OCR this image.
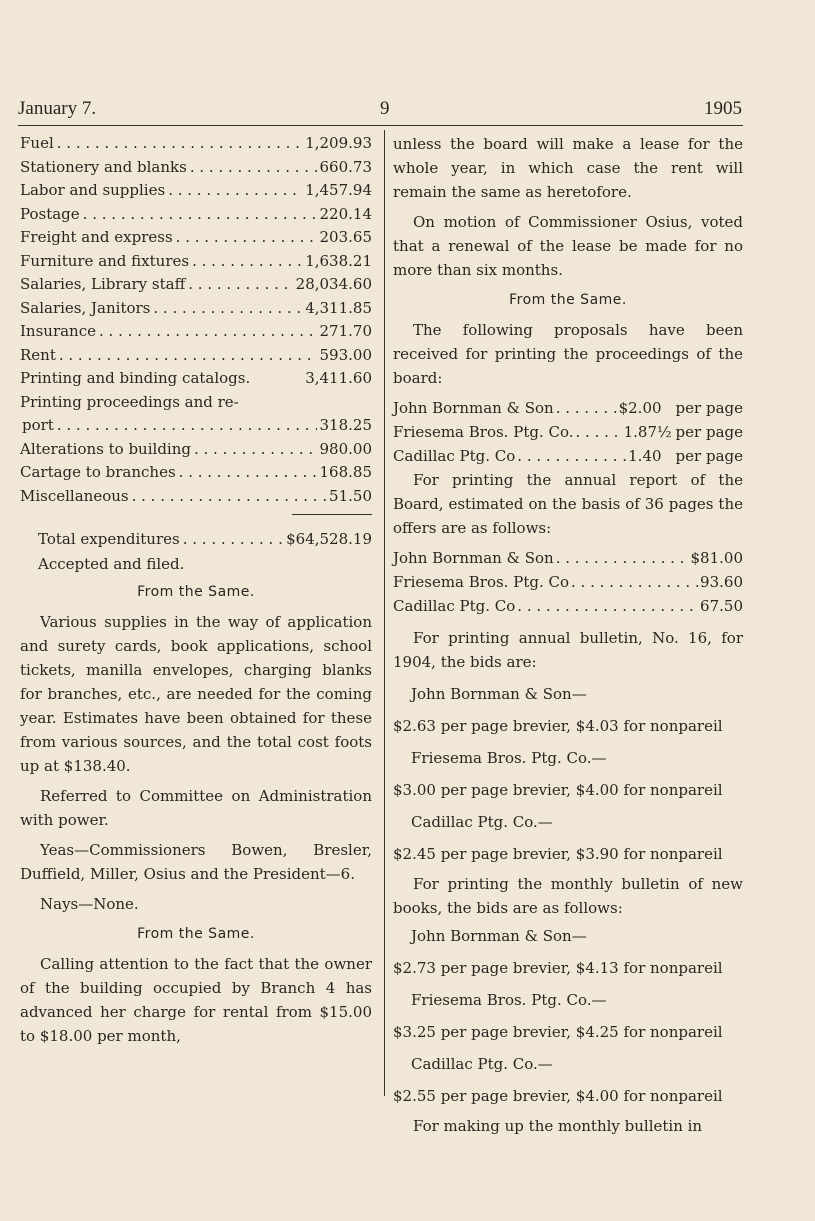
January 7.	9	1905
Fuel . . .	1,209.93
Stationery and blanks . . .	660.73
Labor and supplies . . .	1,457.94
Postage . . .	220.14
Freight and express . . .	203.65
Furniture and fixtures . . .	1,638.21
Salaries, Library staff . . .	28,034.60
Salaries, Janitors . . .	4,311.85
Insurance . . .	271.70
Rent . . .	593.00
Printing and binding catalogs.	3,411.60
Printing proceedings and re-
port . . .	318.25
Alterations to building . . .	980.00
Cartage to branches . . .	168.85
Miscellaneous . . .	51.50
Total expenditures . . .	$64,528.19

Accepted and filed.

From the Same.

Various supplies in the way of application and surety cards, book applications, school tickets, manilla envelopes, charging blanks for branches, etc., are needed for the coming year. Estimates have been obtained for these from various sources, and the total cost foots up at $138.40.

Referred to Committee on Administration with power.

Yeas—Commissioners Bowen, Bresler, Duffield, Miller, Osius and the President—6.

Nays—None.

From the Same.

Calling attention to the fact that the owner of the building occupied by Branch 4 has advanced her charge for rental from $15.00 to $18.00 per month,

unless the board will make a lease for the whole year, in which case the rent will remain the same as heretofore.

On motion of Commissioner Osius, voted that a renewal of the lease be made for no more than six months.

From the Same.

The following proposals have been received for printing the proceedings of the board:

John Bornman & Son . . .	$2.00 per page
Friesema Bros. Ptg. Co. . . .	1.87½ per page
Cadillac Ptg. Co . . .	1.40 per page

For printing the annual report of the Board, estimated on the basis of 36 pages the offers are as follows:

John Bornman & Son . . .	$81.00
Friesema Bros. Ptg. Co . . .	93.60
Cadillac Ptg. Co . . .	67.50

For printing annual bulletin, No. 16, for 1904, the bids are:

John Bornman & Son—

$2.63 per page brevier, $4.03 for nonpareil

Friesema Bros. Ptg. Co.—

$3.00 per page brevier, $4.00 for nonpareil

Cadillac Ptg. Co.—

$2.45 per page brevier, $3.90 for nonpareil

For printing the monthly bulletin of new books, the bids are as follows:

John Bornman & Son—

$2.73 per page brevier, $4.13 for nonpareil

Friesema Bros. Ptg. Co.—

$3.25 per page brevier, $4.25 for nonpareil

Cadillac Ptg. Co.—

$2.55 per page brevier, $4.00 for nonpareil

For making up the monthly bulletin in
